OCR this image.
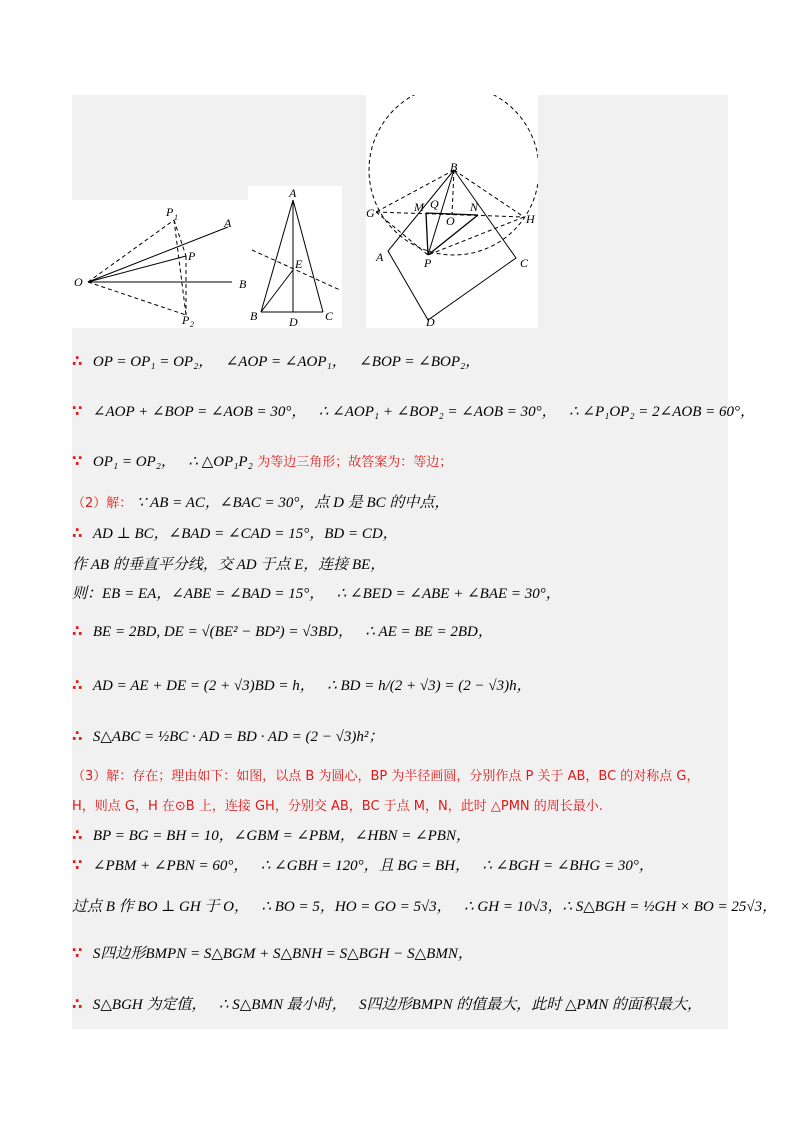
O
A
B
P
P 1
P 2
A
E
B	D C
B
G	M Q	N
O	H
A	P	C
D
∴ OP = OP₁ = OP₂， ∠AOP = ∠AOP₁， ∠BOP = ∠BOP₂，
∵ ∠AOP + ∠BOP = ∠AOB = 30°， ∴ ∠AOP₁ + ∠BOP₂ = ∠AOB = 30°， ∴ ∠P₁OP₂ = 2∠AOB = 60°，
∵ OP₁ = OP₂， ∴ △OP₁P₂ 为等边三角形；故答案为：等边；
（2）解： ∵ AB = AC，∠BAC = 30°，点 D 是 BC 的中点，
∴ AD ⊥ BC，∠BAD = ∠CAD = 15°，BD = CD，
作 AB 的垂直平分线，交 AD 于点 E，连接 BE，
则：EB = EA，∠ABE = ∠BAD = 15°， ∴ ∠BED = ∠ABE + ∠BAE = 30°，
∴ BE = 2BD, DE = √(BE² − BD²) = √3BD， ∴ AE = BE = 2BD，
∴ AD = AE + DE = (2 + √3)BD = h， ∴ BD = h/(2 + √3) = (2 − √3)h，
∴ S△ABC = ½BC · AD = BD · AD = (2 − √3)h²；
（3）解：存在；理由如下：如图，以点 B 为圆心，BP 为半径画圆，分别作点 P 关于 AB，BC 的对称点 G，
H，则点 G，H 在⊙B 上，连接 GH，分别交 AB，BC 于点 M，N，此时 △PMN 的周长最小.
∴ BP = BG = BH = 10，∠GBM = ∠PBM，∠HBN = ∠PBN，
∵ ∠PBM + ∠PBN = 60°， ∴ ∠GBH = 120°，且 BG = BH， ∴ ∠BGH = ∠BHG = 30°，
过点 B 作 BO ⊥ GH 于 O， ∴ BO = 5，HO = GO = 5√3， ∴ GH = 10√3，∴ S△BGH = ½GH × BO = 25√3，
∵ S四边形BMPN = S△BGM + S△BNH = S△BGH − S△BMN，
∴ S△BGH 为定值， ∴ S△BMN 最小时， S四边形BMPN 的值最大，此时 △PMN 的面积最大，
